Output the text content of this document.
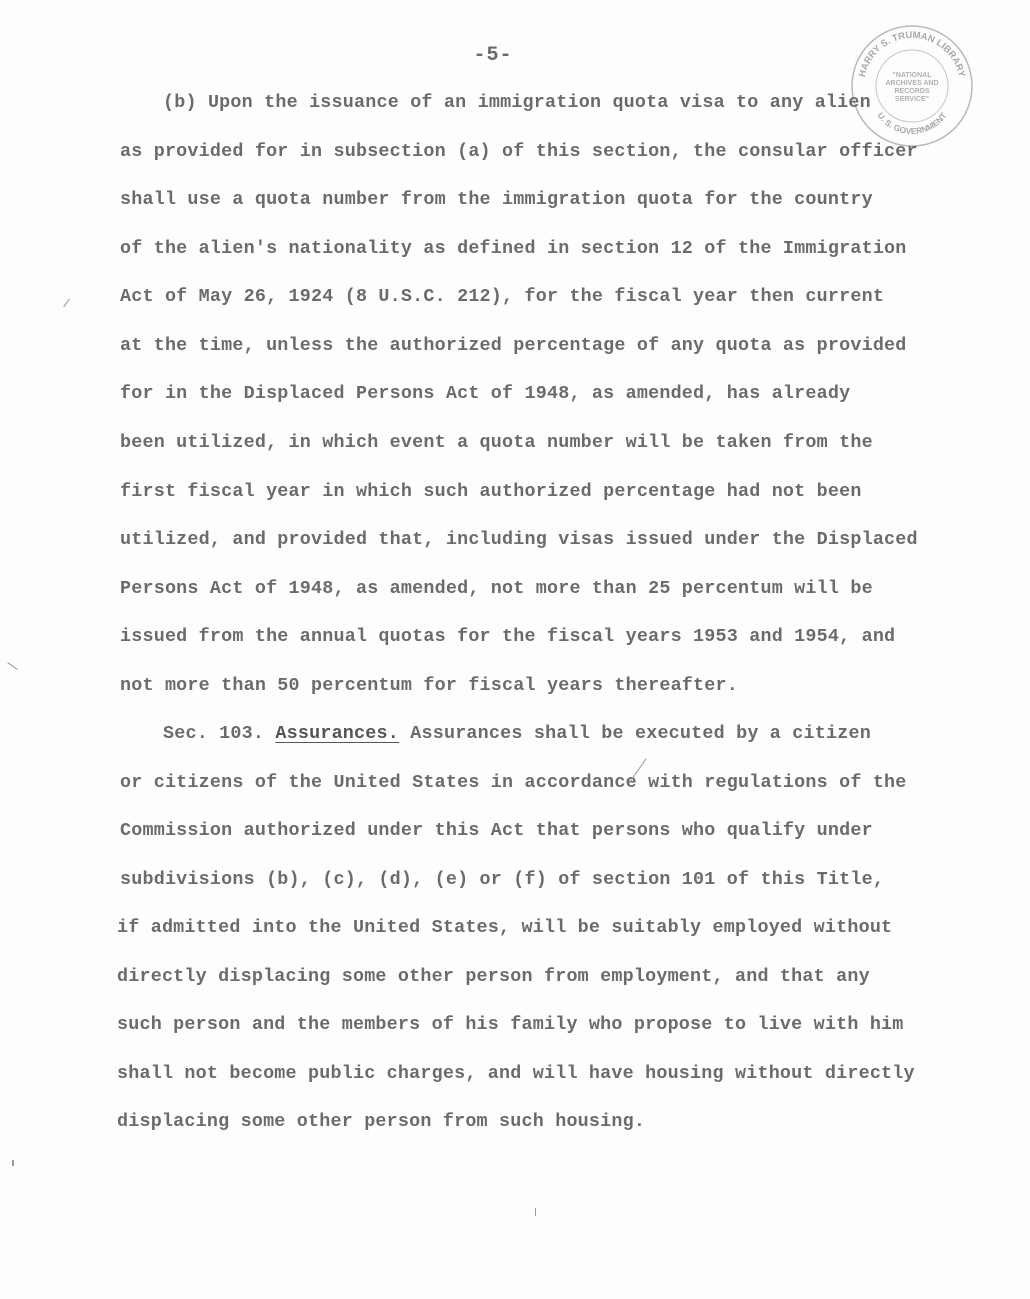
-5-
HARRY S. TRUMAN LIBRARY
U. S. GOVERNMENT
"NATIONAL
ARCHIVES AND
RECORDS
SERVICE"
(b) Upon the issuance of an immigration quota visa to any alien
as provided for in subsection (a) of this section, the consular officer
shall use a quota number from the immigration quota for the country
of the alien's nationality as defined in section 12 of the Immigration
Act of May 26, 1924 (8 U.S.C. 212), for the fiscal year then current
at the time, unless the authorized percentage of any quota as provided
for in the Displaced Persons Act of 1948, as amended, has already
been utilized, in which event a quota number will be taken from the
first fiscal year in which such authorized percentage had not been
utilized, and provided that, including visas issued under the Displaced
Persons Act of 1948, as amended, not more than 25 percentum will be
issued from the annual quotas for the fiscal years 1953 and 1954, and
not more than 50 percentum for fiscal years thereafter.
Sec. 103. Assurances. Assurances shall be executed by a citizen
or citizens of the United States in accordance with regulations of the
Commission authorized under this Act that persons who qualify under
subdivisions (b), (c), (d), (e) or (f) of section 101 of this Title,
if admitted into the United States, will be suitably employed without
directly displacing some other person from employment, and that any
such person and the members of his family who propose to live with him
shall not become public charges, and will have housing without directly
displacing some other person from such housing.
